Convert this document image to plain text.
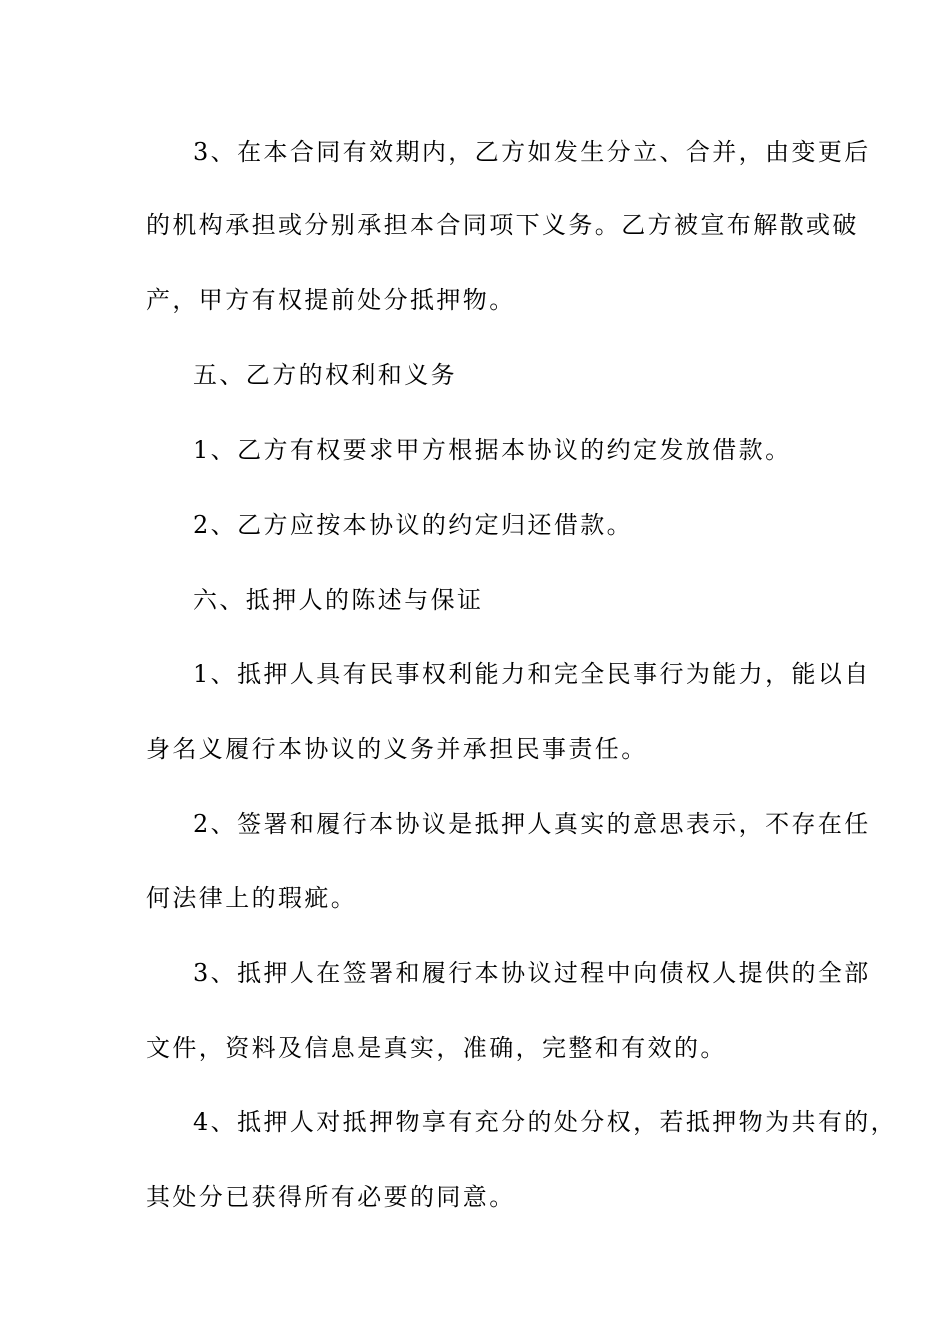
3、在本合同有效期内，乙方如发生分立、合并，由变更后

的机构承担或分别承担本合同项下义务。乙方被宣布解散或破

产，甲方有权提前处分抵押物。

五、乙方的权利和义务

1、乙方有权要求甲方根据本协议的约定发放借款。

2、乙方应按本协议的约定归还借款。

六、抵押人的陈述与保证

1、抵押人具有民事权利能力和完全民事行为能力，能以自

身名义履行本协议的义务并承担民事责任。

2、签署和履行本协议是抵押人真实的意思表示，不存在任

何法律上的瑕疵。

3、抵押人在签署和履行本协议过程中向债权人提供的全部

文件，资料及信息是真实，准确，完整和有效的。

4、抵押人对抵押物享有充分的处分权，若抵押物为共有的，

其处分已获得所有必要的同意。
